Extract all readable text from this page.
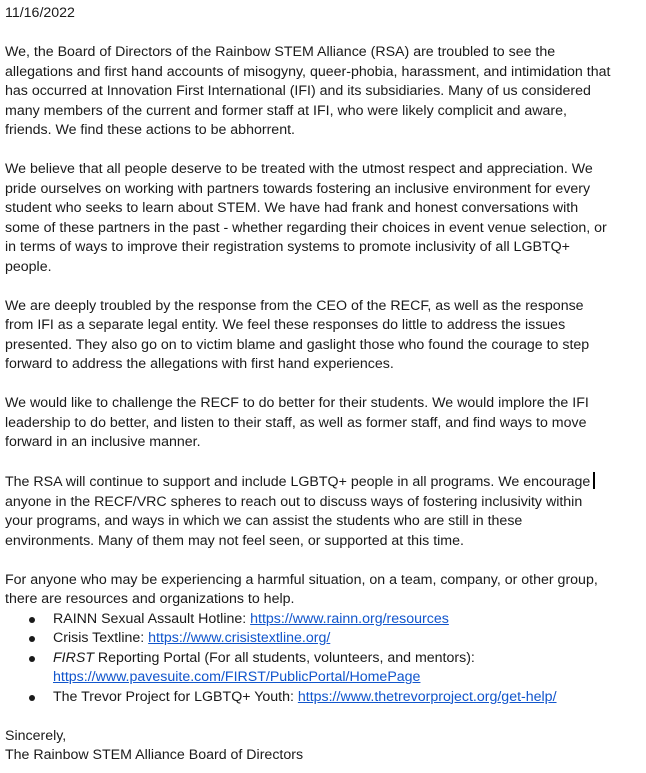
11/16/2022
We, the Board of Directors of the Rainbow STEM Alliance (RSA) are troubled to see the
allegations and first hand accounts of misogyny, queer-phobia, harassment, and intimidation that
has occurred at Innovation First International (IFI) and its subsidiaries. Many of us considered
many members of the current and former staff at IFI, who were likely complicit and aware,
friends. We find these actions to be abhorrent.
We believe that all people deserve to be treated with the utmost respect and appreciation. We
pride ourselves on working with partners towards fostering an inclusive environment for every
student who seeks to learn about STEM. We have had frank and honest conversations with
some of these partners in the past - whether regarding their choices in event venue selection, or
in terms of ways to improve their registration systems to promote inclusivity of all LGBTQ+
people.
We are deeply troubled by the response from the CEO of the RECF, as well as the response
from IFI as a separate legal entity. We feel these responses do little to address the issues
presented. They also go on to victim blame and gaslight those who found the courage to step
forward to address the allegations with first hand experiences.
We would like to challenge the RECF to do better for their students. We would implore the IFI
leadership to do better, and listen to their staff, as well as former staff, and find ways to move
forward in an inclusive manner.
The RSA will continue to support and include LGBTQ+ people in all programs. We encourage
anyone in the RECF/VRC spheres to reach out to discuss ways of fostering inclusivity within
your programs, and ways in which we can assist the students who are still in these
environments. Many of them may not feel seen, or supported at this time.
For anyone who may be experiencing a harmful situation, on a team, company, or other group,
there are resources and organizations to help.
RAINN Sexual Assault Hotline: https://www.rainn.org/resources
Crisis Textline: https://www.crisistextline.org/
FIRST Reporting Portal (For all students, volunteers, and mentors):
https://www.pavesuite.com/FIRST/PublicPortal/HomePage
The Trevor Project for LGBTQ+ Youth: https://www.thetrevorproject.org/get-help/
Sincerely,
The Rainbow STEM Alliance Board of Directors
